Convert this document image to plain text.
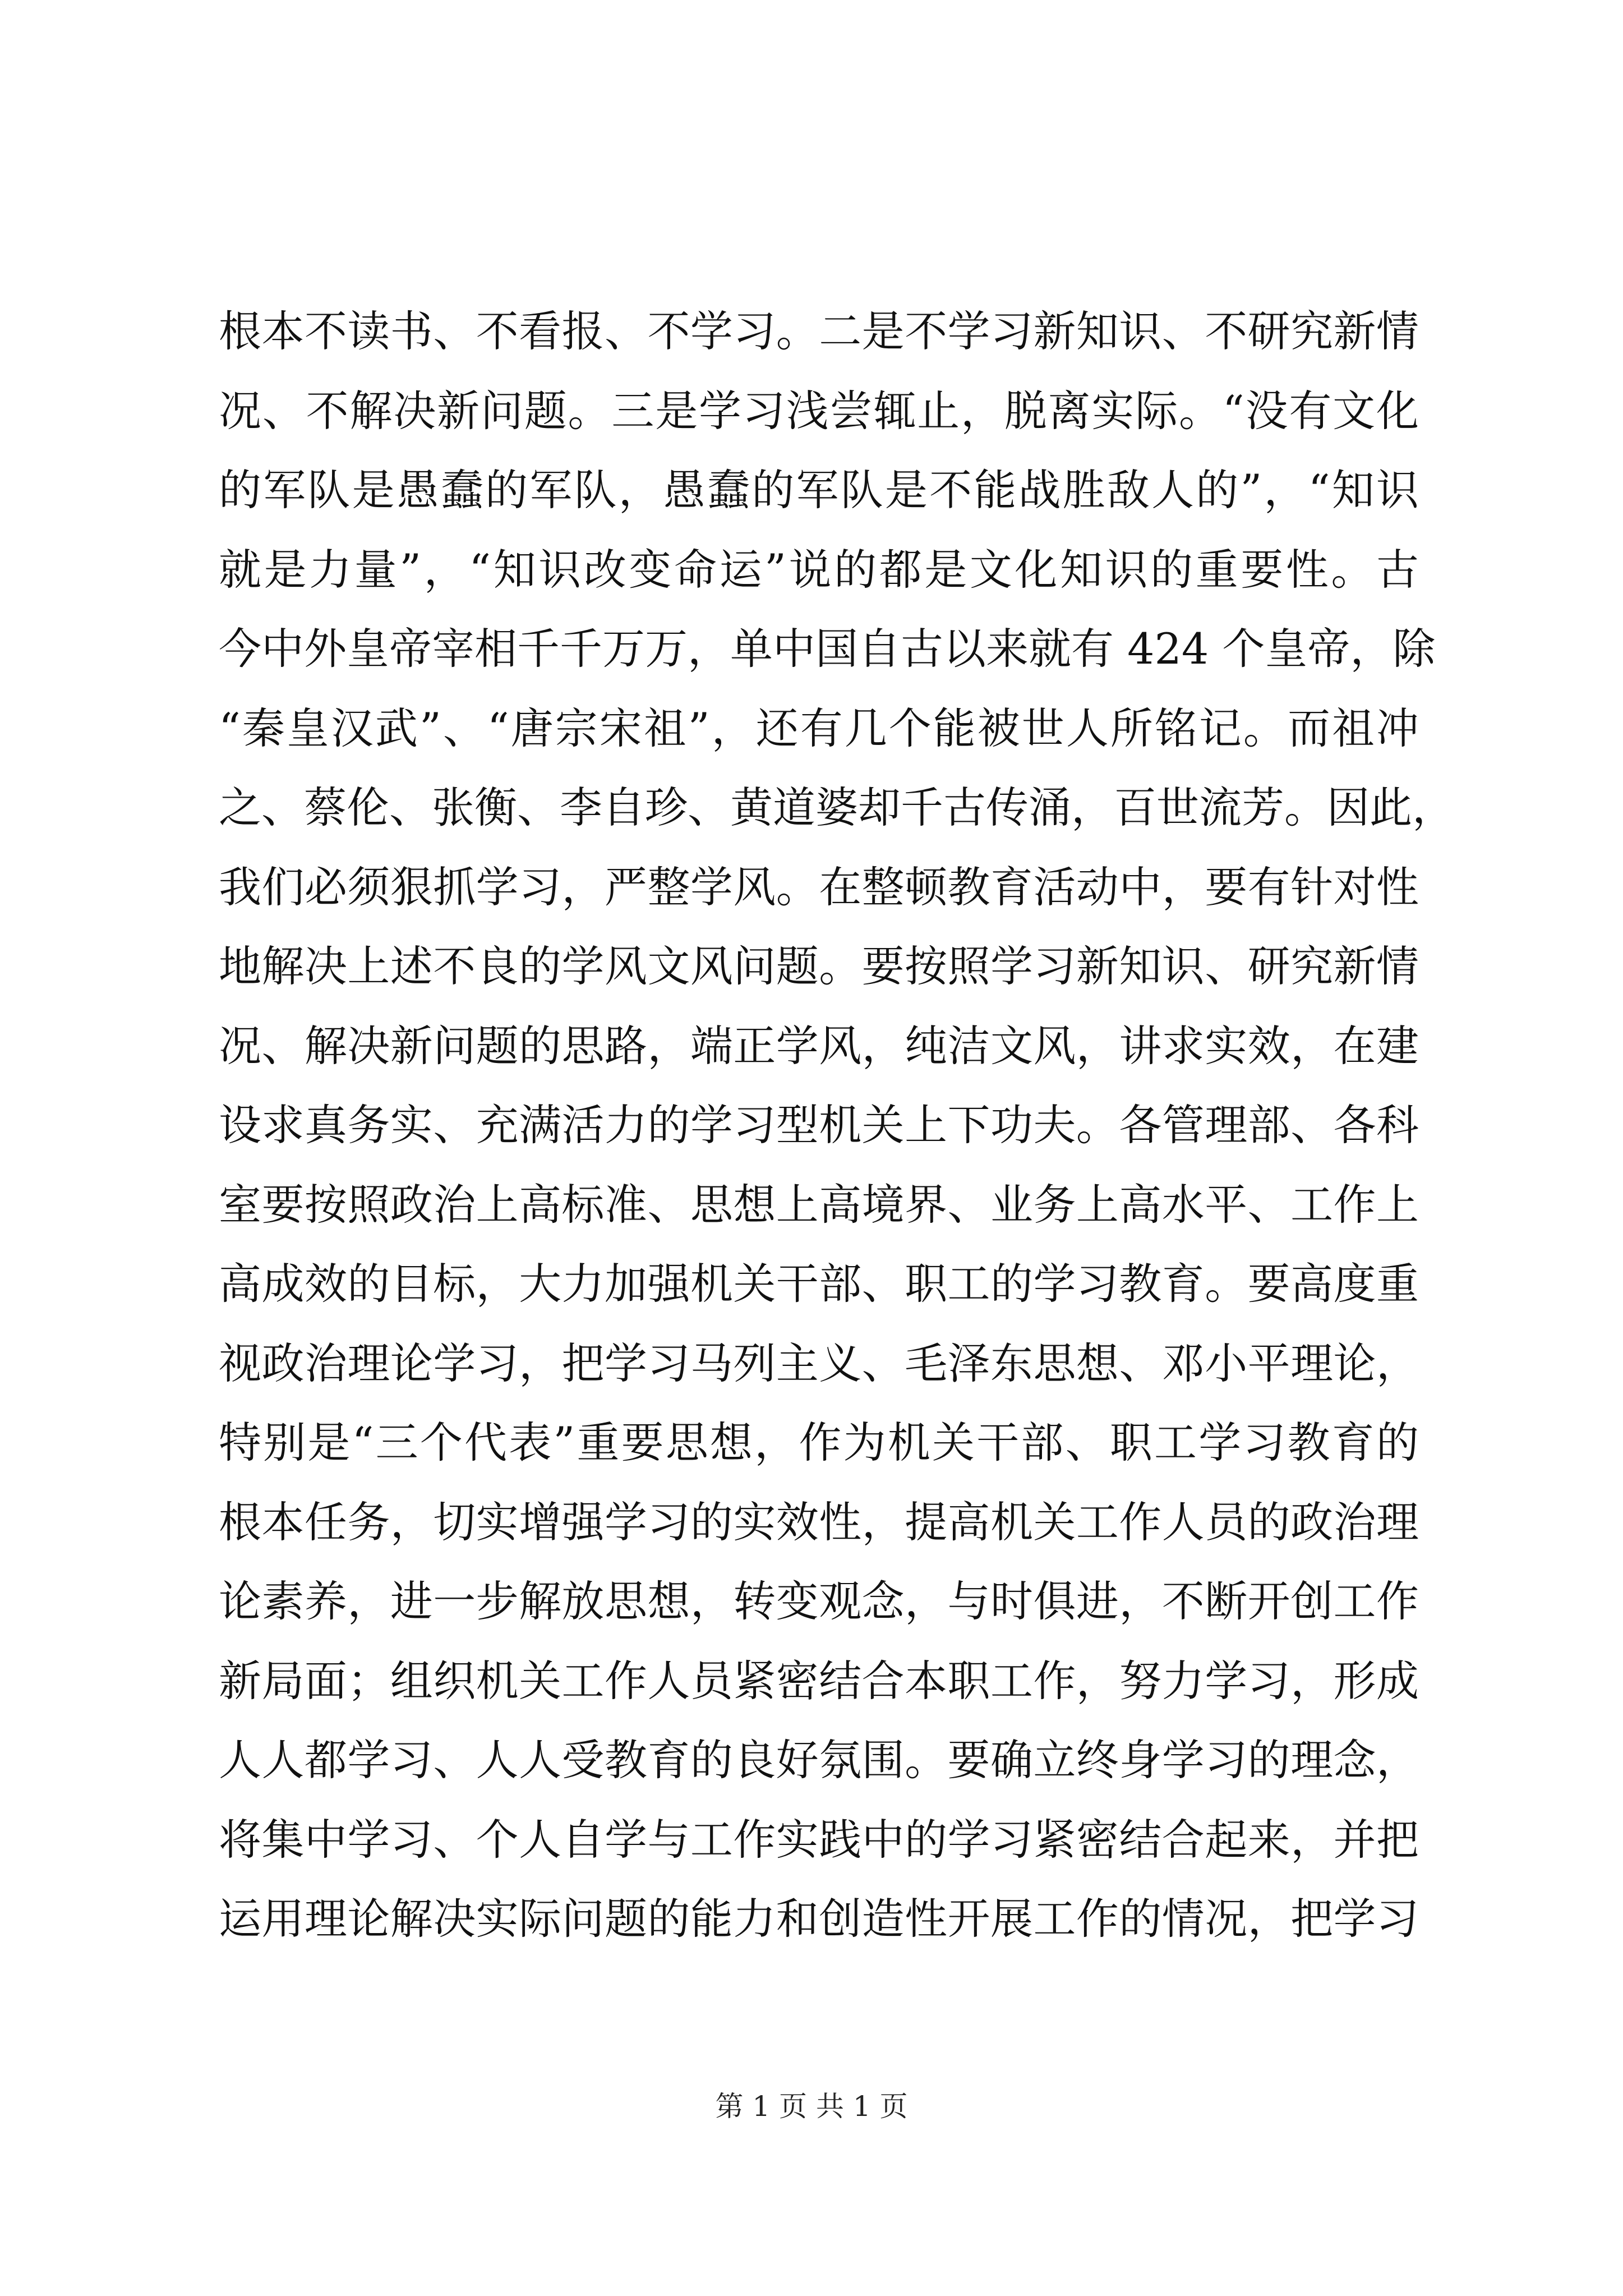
根本不读书、不看报、不学习。二是不学习新知识、不研究新情
况、不解决新问题。三是学习浅尝辄止，脱离实际。“没有文化
的军队是愚蠢的军队，愚蠢的军队是不能战胜敌人的”，“知识
就是力量”，“知识改变命运”说的都是文化知识的重要性。古
今中外皇帝宰相千千万万，单中国自古以来就有 424 个皇帝，除
“秦皇汉武”、“唐宗宋祖”，还有几个能被世人所铭记。而祖冲
之、蔡伦、张衡、李自珍、黄道婆却千古传涌，百世流芳。因此，
我们必须狠抓学习，严整学风。在整顿教育活动中，要有针对性
地解决上述不良的学风文风问题。要按照学习新知识、研究新情
况、解决新问题的思路，端正学风，纯洁文风，讲求实效，在建
设求真务实、充满活力的学习型机关上下功夫。各管理部、各科
室要按照政治上高标准、思想上高境界、业务上高水平、工作上
高成效的目标，大力加强机关干部、职工的学习教育。要高度重
视政治理论学习，把学习马列主义、毛泽东思想、邓小平理论，
特别是“三个代表”重要思想，作为机关干部、职工学习教育的
根本任务，切实增强学习的实效性，提高机关工作人员的政治理
论素养，进一步解放思想，转变观念，与时俱进，不断开创工作
新局面；组织机关工作人员紧密结合本职工作，努力学习，形成
人人都学习、人人受教育的良好氛围。要确立终身学习的理念，
将集中学习、个人自学与工作实践中的学习紧密结合起来，并把
运用理论解决实际问题的能力和创造性开展工作的情况，把学习
第 1 页 共 1 页
